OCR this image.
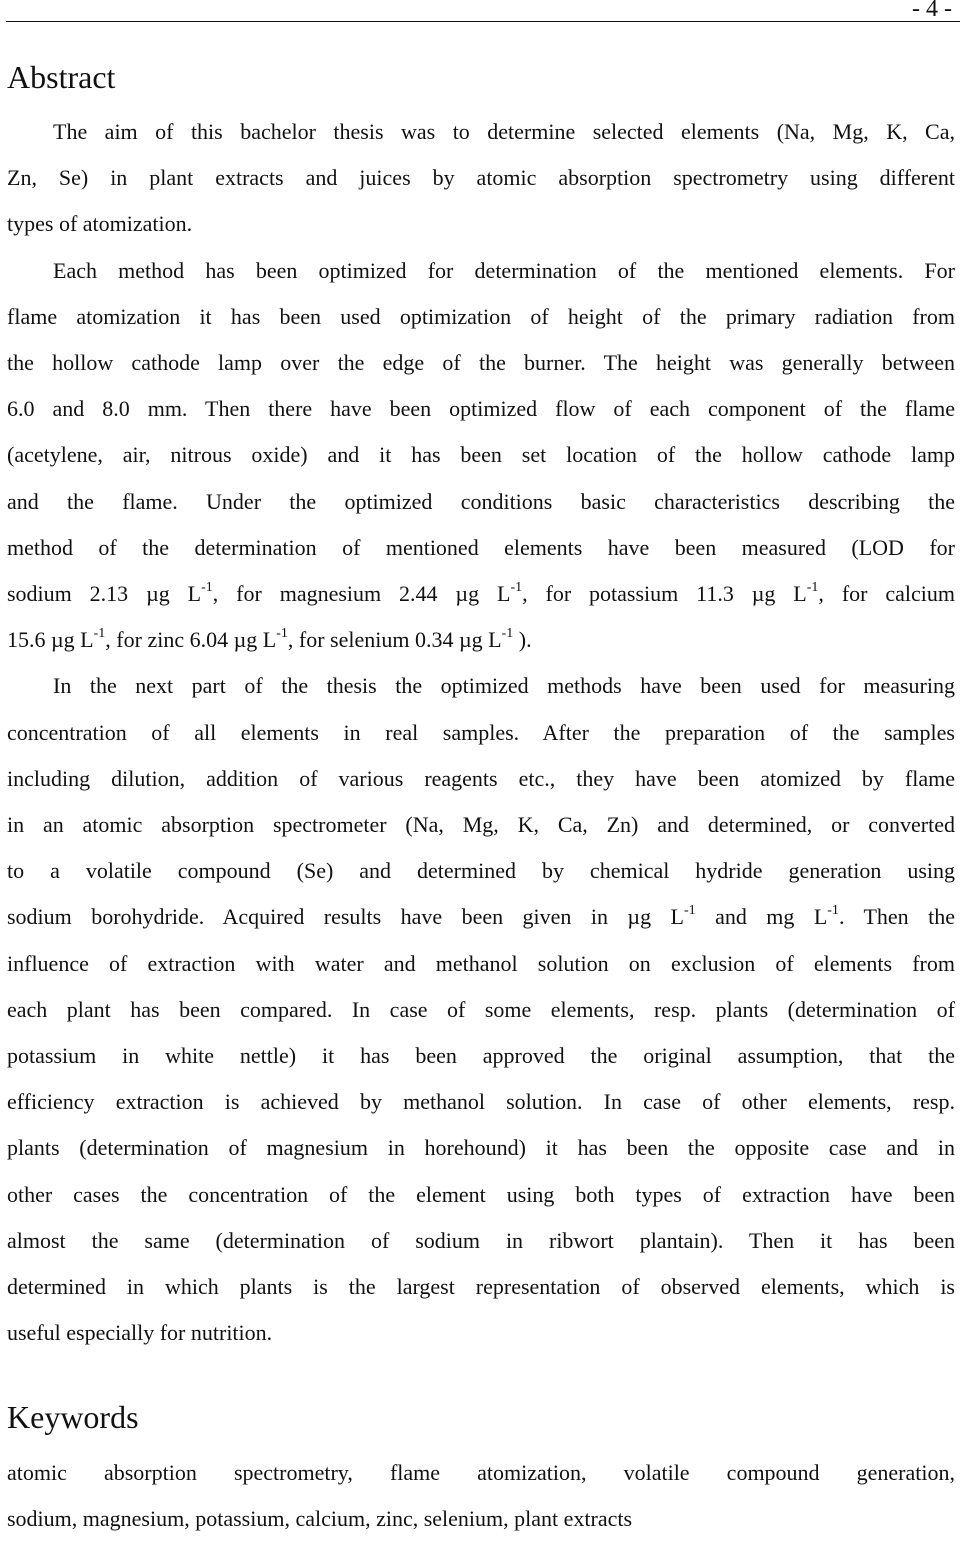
- 4 -
Abstract

The aim of this bachelor thesis was to determine selected elements (Na, Mg, K, Ca,
Zn, Se) in plant extracts and juices by atomic absorption spectrometry using different
types of atomization.

Each method has been optimized for determination of the mentioned elements. For
flame atomization it has been used optimization of height of the primary radiation from
the hollow cathode lamp over the edge of the burner. The height was generally between
6.0 and 8.0 mm. Then there have been optimized flow of each component of the flame
(acetylene, air, nitrous oxide) and it has been set location of the hollow cathode lamp
and the flame. Under the optimized conditions basic characteristics describing the
method of the determination of mentioned elements have been measured (LOD for
sodium 2.13 µg $L^{-1}$, for magnesium 2.44 µg $L^{-1}$, for potassium 11.3 µg $L^{-1}$, for calcium
15.6 µg $L^{-1}$, for zinc 6.04 µg $L^{-1}$, for selenium 0.34 µg $L^{-1}$ ).

In the next part of the thesis the optimized methods have been used for measuring
concentration of all elements in real samples. After the preparation of the samples
including dilution, addition of various reagents etc., they have been atomized by flame
in an atomic absorption spectrometer (Na, Mg, K, Ca, Zn) and determined, or converted
to a volatile compound (Se) and determined by chemical hydride generation using
sodium borohydride. Acquired results have been given in µg $L^{-1}$ and mg $L^{-1}$. Then the
influence of extraction with water and methanol solution on exclusion of elements from
each plant has been compared. In case of some elements, resp. plants (determination of
potassium in white nettle) it has been approved the original assumption, that the
efficiency extraction is achieved by methanol solution. In case of other elements, resp.
plants (determination of magnesium in horehound) it has been the opposite case and in
other cases the concentration of the element using both types of extraction have been
almost the same (determination of sodium in ribwort plantain). Then it has been
determined in which plants is the largest representation of observed elements, which is
useful especially for nutrition.

Keywords

atomic absorption spectrometry, flame atomization, volatile compound generation,
sodium, magnesium, potassium, calcium, zinc, selenium, plant extracts
